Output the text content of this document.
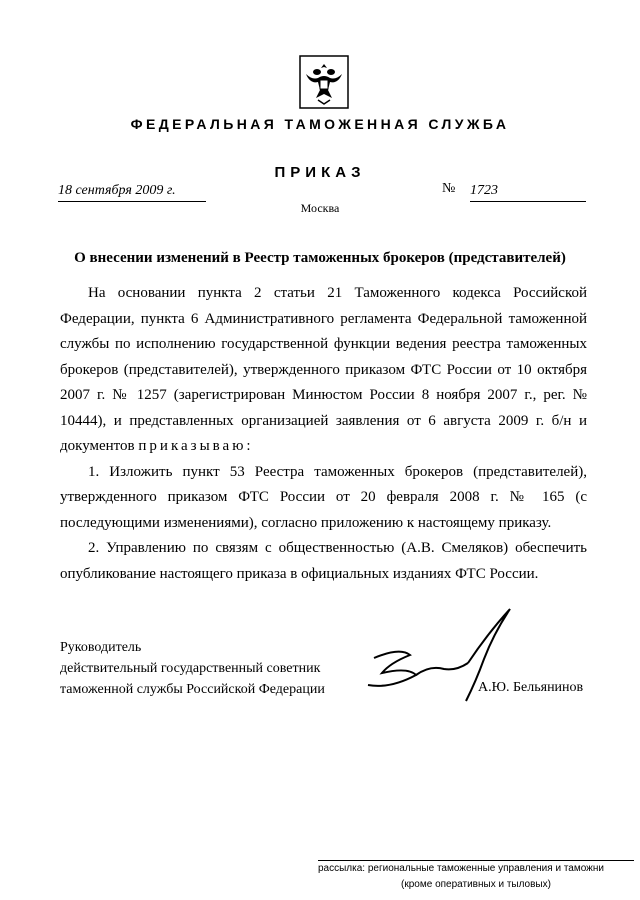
ФЕДЕРАЛЬНАЯ ТАМОЖЕННАЯ СЛУЖБА
ПРИКАЗ
18 сентября 2009 г.	№ 1723
Москва
О внесении изменений в Реестр таможенных брокеров (представителей)

На основании пункта 2 статьи 21 Таможенного кодекса Российской Федерации, пункта 6 Административного регламента Федеральной таможенной службы по исполнению государственной функции ведения реестра таможенных брокеров (представителей), утвержденного приказом ФТС России от 10 октября 2007 г. № 1257 (зарегистрирован Минюстом России 8 ноября 2007 г., рег. № 10444), и представленных организацией заявления от 6 августа 2009 г. б/н и документов приказываю:

1. Изложить пункт 53 Реестра таможенных брокеров (представителей), утвержденного приказом ФТС России от 20 февраля 2008 г. № 165 (с последующими изменениями), согласно приложению к настоящему приказу.

2. Управлению по связям с общественностью (А.В. Смеляков) обеспечить опубликование настоящего приказа в официальных изданиях ФТС России.

Руководитель
действительный государственный советник
таможенной службы Российской Федерации	А.Ю. Бельянинов
рассылка: региональные таможенные управления и таможни
(кроме оперативных и тыловых)
